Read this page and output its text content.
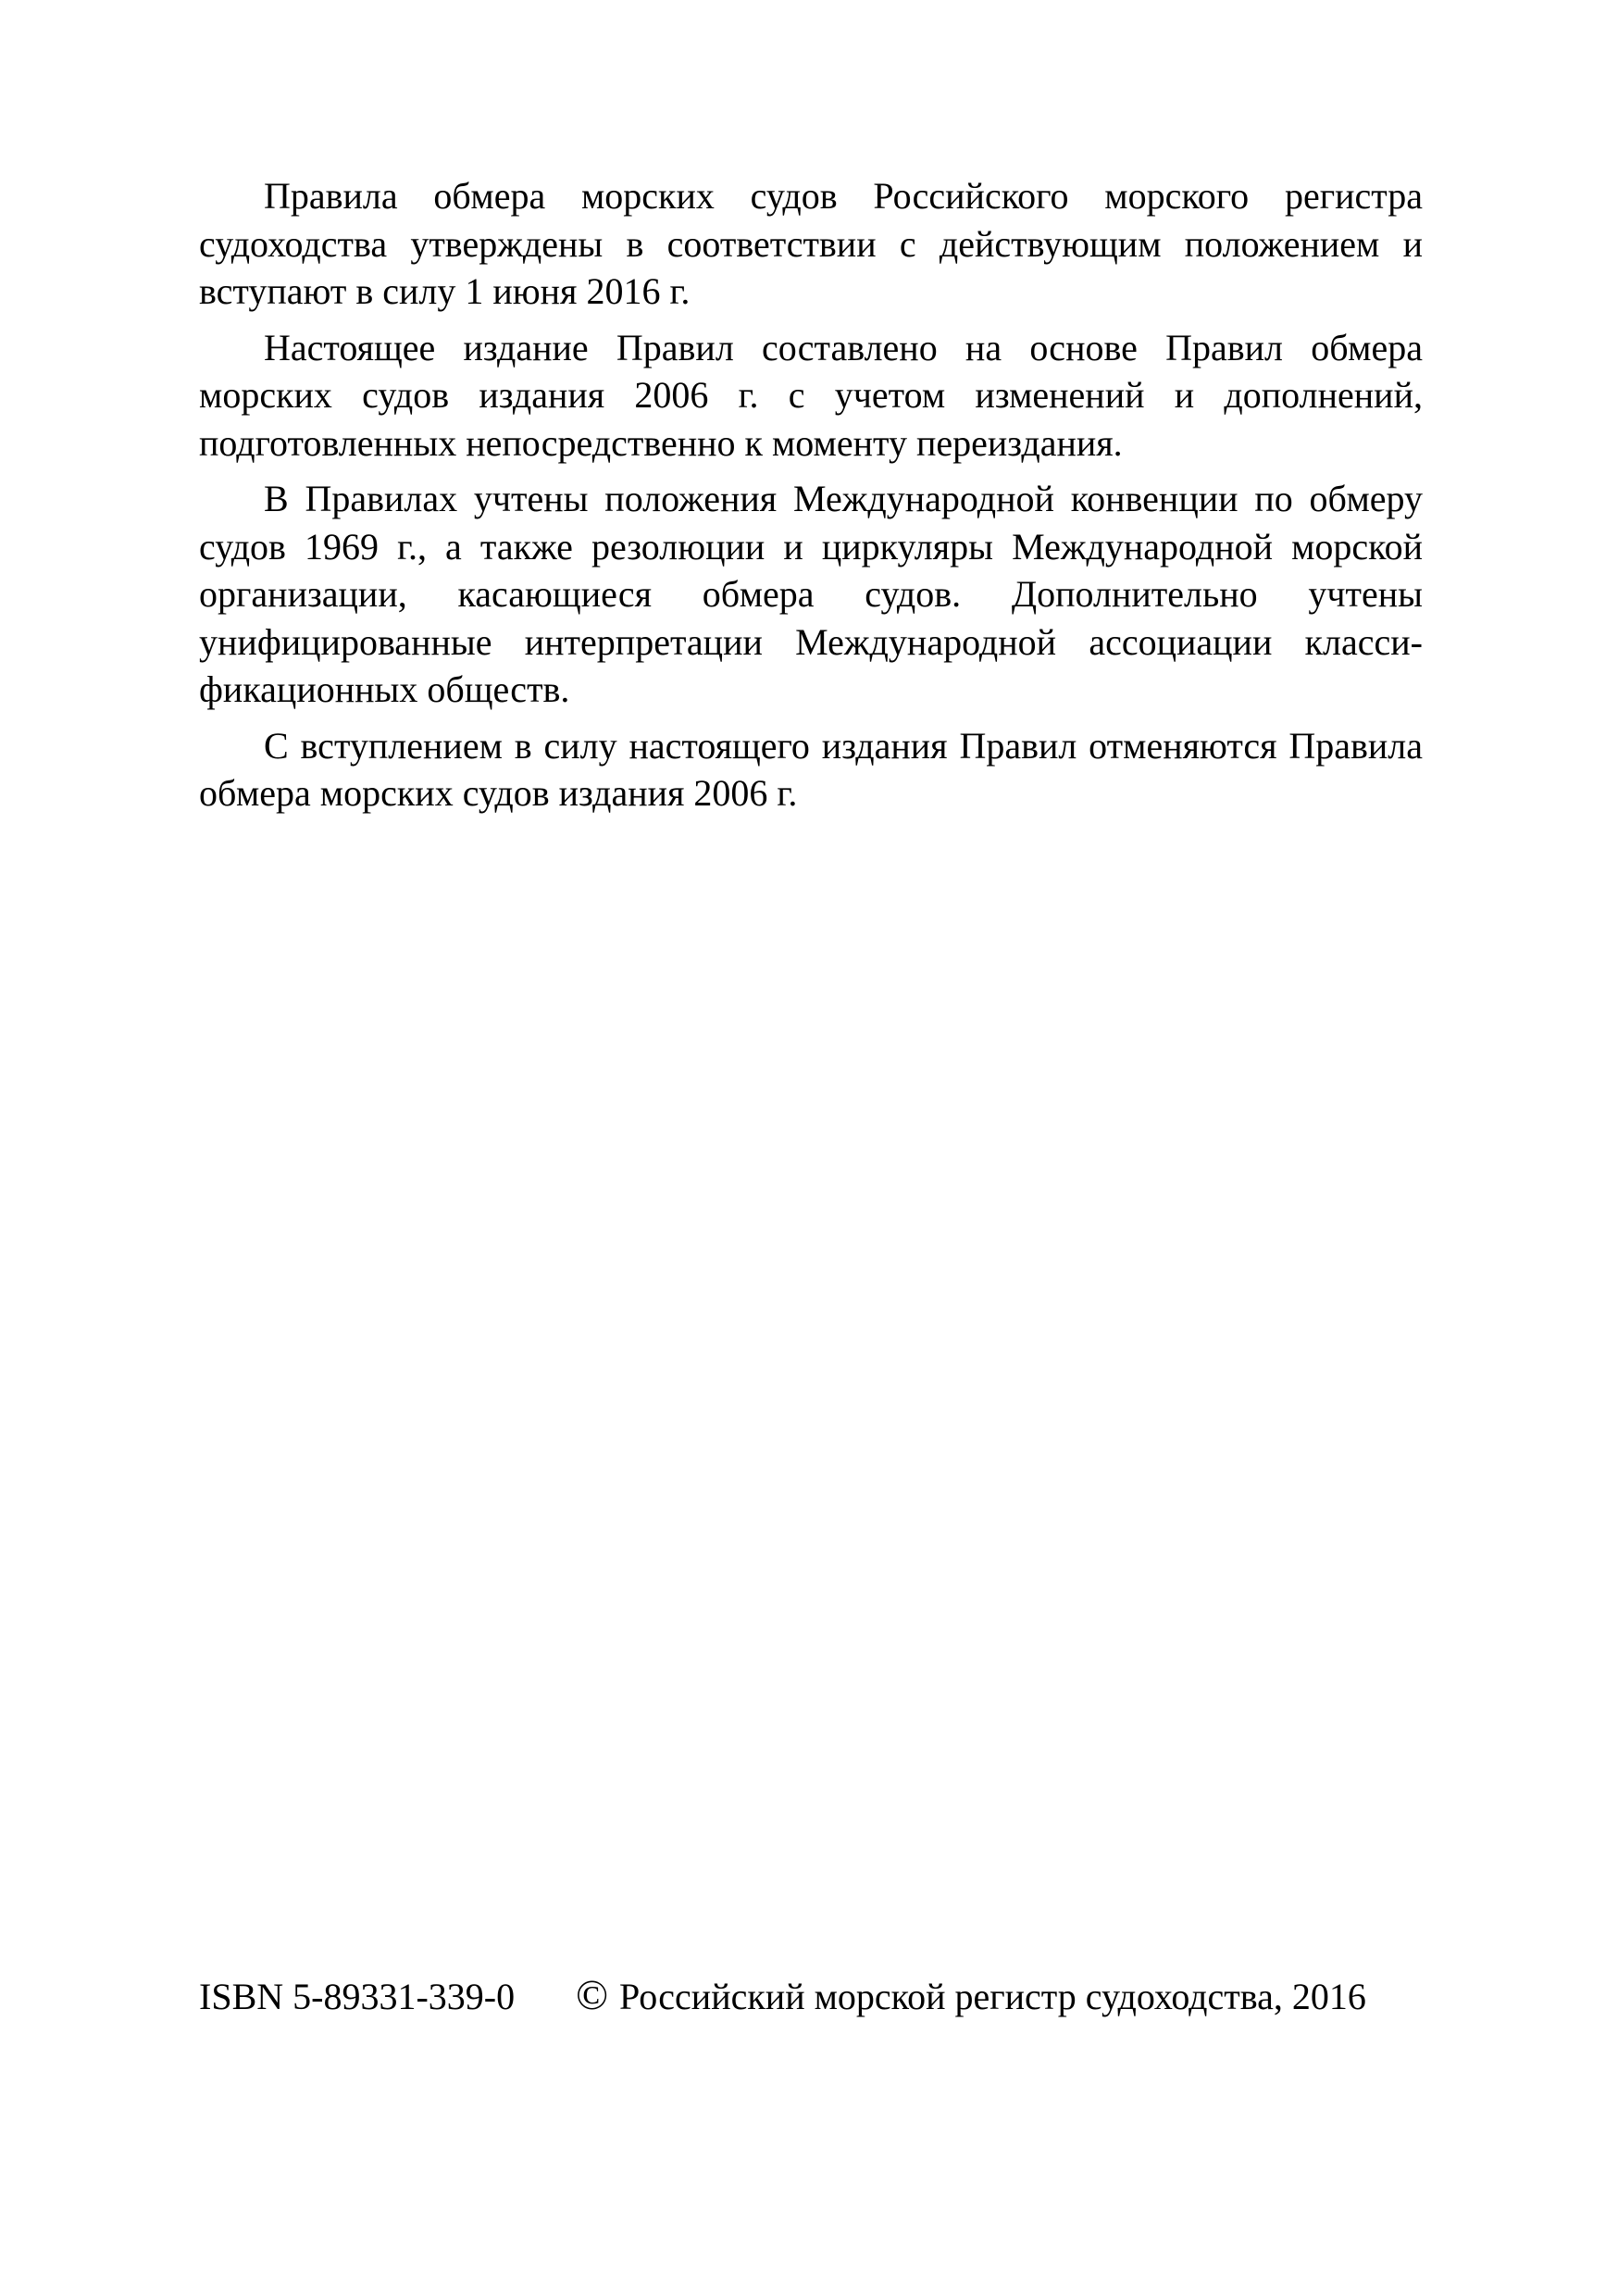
Правила обмера морских судов Российского морского регистра судоходства утверждены в соответствии с действующим положением и вступают в силу 1 июня 2016 г.

Настоящее издание Правил составлено на основе Правил обмера морских судов издания 2006 г. с учетом изменений и дополнений, подготовленных непосредственно к моменту переиздания.

В Правилах учтены положения Международной конвенции по обмеру судов 1969 г., а также резолюции и циркуляры Международной морской организации, касающиеся обмера судов. Дополнительно учтены унифицированные интерпретации Международной ассоциации классификационных обществ.

С вступлением в силу настоящего издания Правил отменяются Правила обмера морских судов издания 2006 г.

ISBN 5-89331-339-0 © Российский морской регистр судоходства, 2016
